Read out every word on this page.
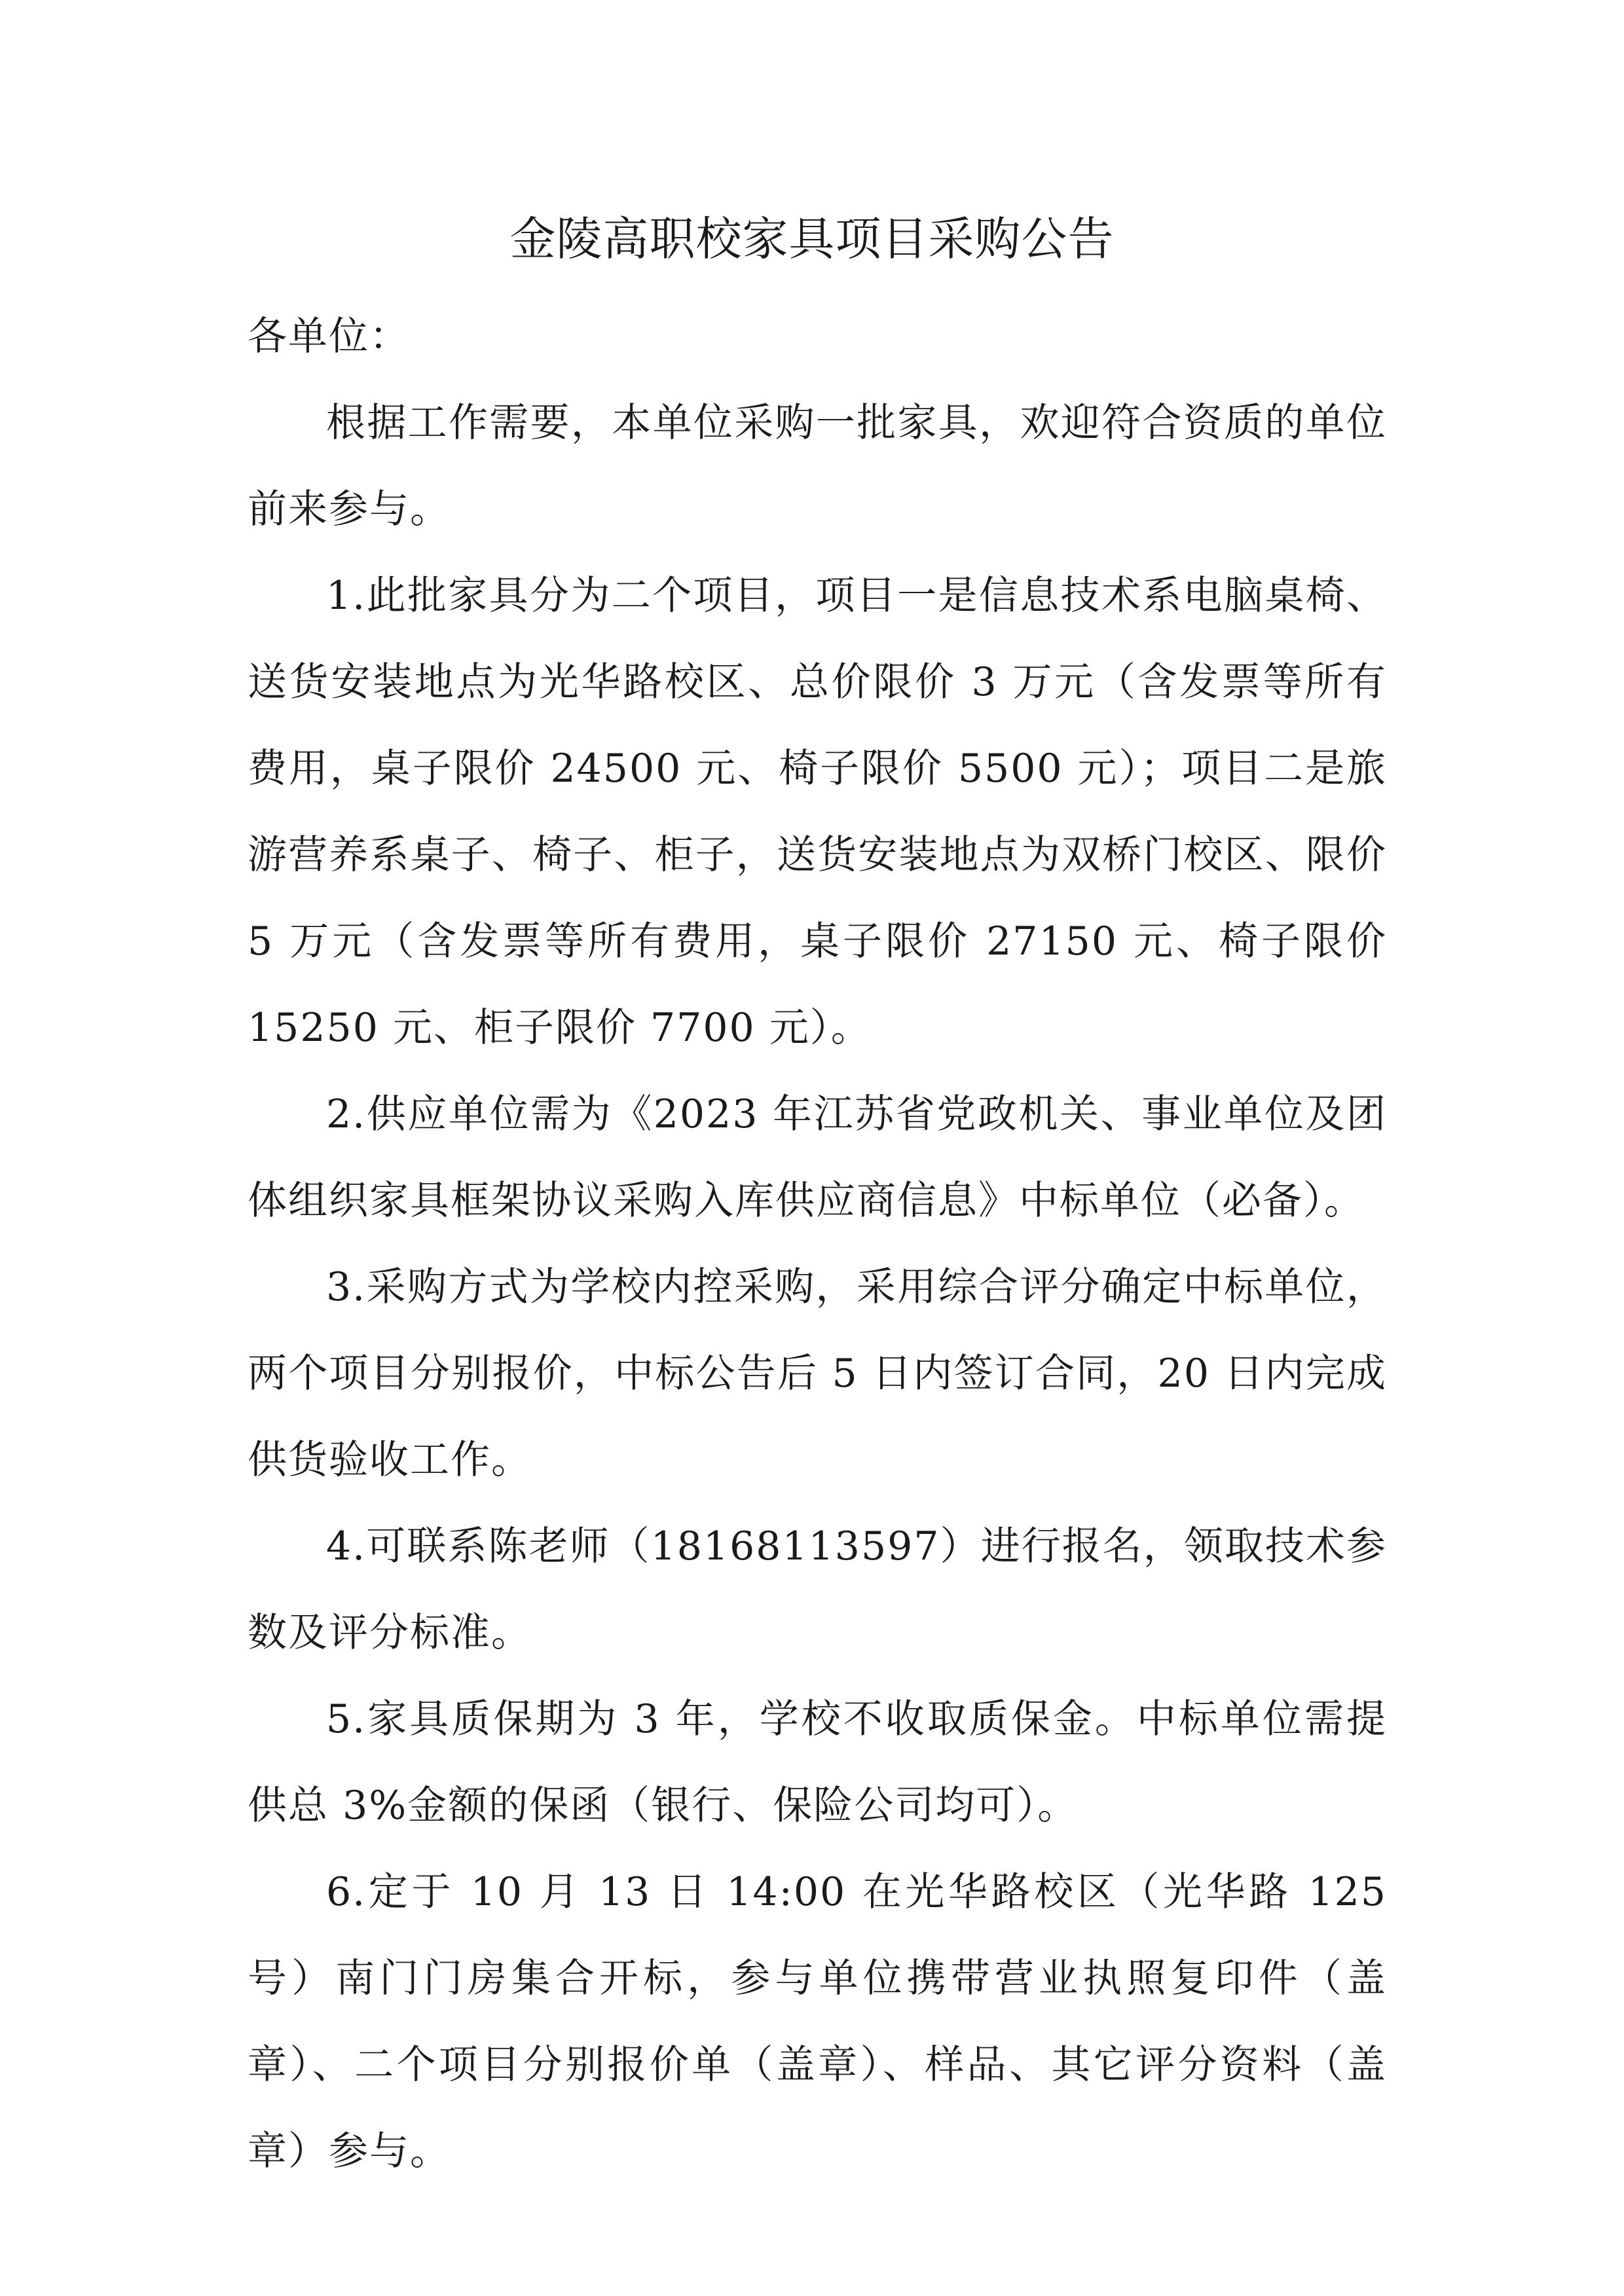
金陵高职校家具项目采购公告

各单位：

根据工作需要，本单位采购一批家具，欢迎符合资质的单位前来参与。

1.此批家具分为二个项目，项目一是信息技术系电脑桌椅、送货安装地点为光华路校区、总价限价 3 万元（含发票等所有费用，桌子限价 24500 元、椅子限价 5500 元）；项目二是旅游营养系桌子、椅子、柜子，送货安装地点为双桥门校区、限价 5 万元（含发票等所有费用，桌子限价 27150 元、椅子限价 15250 元、柜子限价 7700 元）。

2.供应单位需为《2023 年江苏省党政机关、事业单位及团体组织家具框架协议采购入库供应商信息》中标单位（必备）。

3.采购方式为学校内控采购，采用综合评分确定中标单位，两个项目分别报价，中标公告后 5 日内签订合同，20 日内完成供货验收工作。

4.可联系陈老师（18168113597）进行报名，领取技术参数及评分标准。

5.家具质保期为 3 年，学校不收取质保金。中标单位需提供总 3%金额的保函（银行、保险公司均可）。

6.定于 10 月 13 日 14:00 在光华路校区（光华路 125 号）南门门房集合开标，参与单位携带营业执照复印件（盖章）、二个项目分别报价单（盖章）、样品、其它评分资料（盖章）参与。
